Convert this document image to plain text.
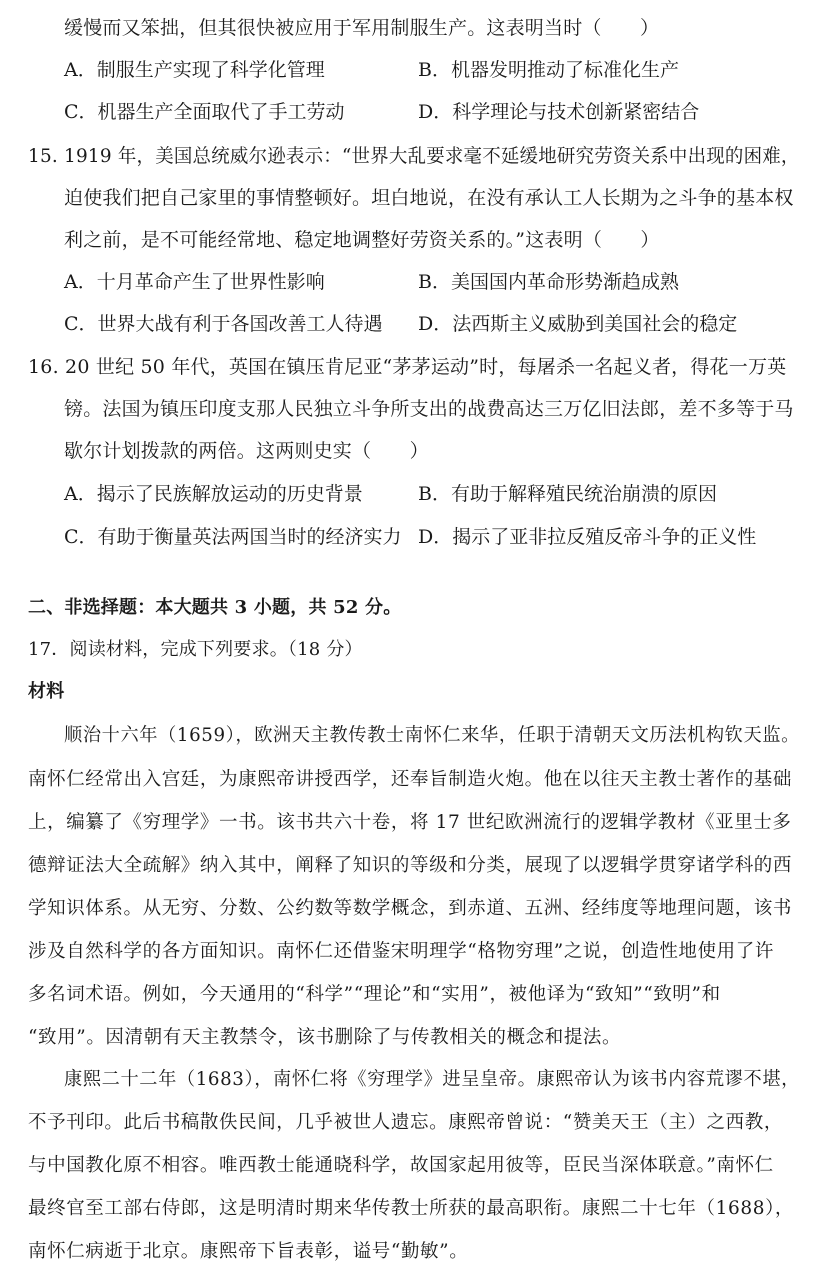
缓慢而又笨拙，但其很快被应用于军用制服生产。这表明当时（　　）
A．制服生产实现了科学化管理	B．机器发明推动了标准化生产
C．机器生产全面取代了手工劳动	D．科学理论与技术创新紧密结合
15. 1919 年，美国总统威尔逊表示：“世界大乱要求毫不延缓地研究劳资关系中出现的困难，
迫使我们把自己家里的事情整顿好。坦白地说，在没有承认工人长期为之斗争的基本权
利之前，是不可能经常地、稳定地调整好劳资关系的。”这表明（　　）
A．十月革命产生了世界性影响	B．美国国内革命形势渐趋成熟
C．世界大战有利于各国改善工人待遇 D．法西斯主义威胁到美国社会的稳定
16. 20 世纪 50 年代，英国在镇压肯尼亚“茅茅运动”时，每屠杀一名起义者，得花一万英
镑。法国为镇压印度支那人民独立斗争所支出的战费高达三万亿旧法郎，差不多等于马
歇尔计划拨款的两倍。这两则史实（　　）
A．揭示了民族解放运动的历史背景	B．有助于解释殖民统治崩溃的原因
C．有助于衡量英法两国当时的经济实力 D．揭示了亚非拉反殖反帝斗争的正义性
二、非选择题：本大题共 3 小题，共 52 分。
17．阅读材料，完成下列要求。（18 分）
材料
顺治十六年（1659），欧洲天主教传教士南怀仁来华，任职于清朝天文历法机构钦天监。
南怀仁经常出入宫廷，为康熙帝讲授西学，还奉旨制造火炮。他在以往天主教士著作的基础
上，编纂了《穷理学》一书。该书共六十卷，将 17 世纪欧洲流行的逻辑学教材《亚里士多
德辩证法大全疏解》纳入其中，阐释了知识的等级和分类，展现了以逻辑学贯穿诸学科的西
学知识体系。从无穷、分数、公约数等数学概念，到赤道、五洲、经纬度等地理问题，该书
涉及自然科学的各方面知识。南怀仁还借鉴宋明理学“格物穷理”之说，创造性地使用了许
多名词术语。例如，今天通用的“科学”“理论”和“实用”，被他译为“致知”“致明”和
“致用”。因清朝有天主教禁令，该书删除了与传教相关的概念和提法。
康熙二十二年（1683），南怀仁将《穷理学》进呈皇帝。康熙帝认为该书内容荒谬不堪，
不予刊印。此后书稿散佚民间，几乎被世人遗忘。康熙帝曾说：“赞美天王（主）之西教，
与中国教化原不相容。唯西教士能通晓科学，故国家起用彼等，臣民当深体联意。”南怀仁
最终官至工部右侍郎，这是明清时期来华传教士所获的最高职衔。康熙二十七年（1688），
南怀仁病逝于北京。康熙帝下旨表彰，谥号“勤敏”。
